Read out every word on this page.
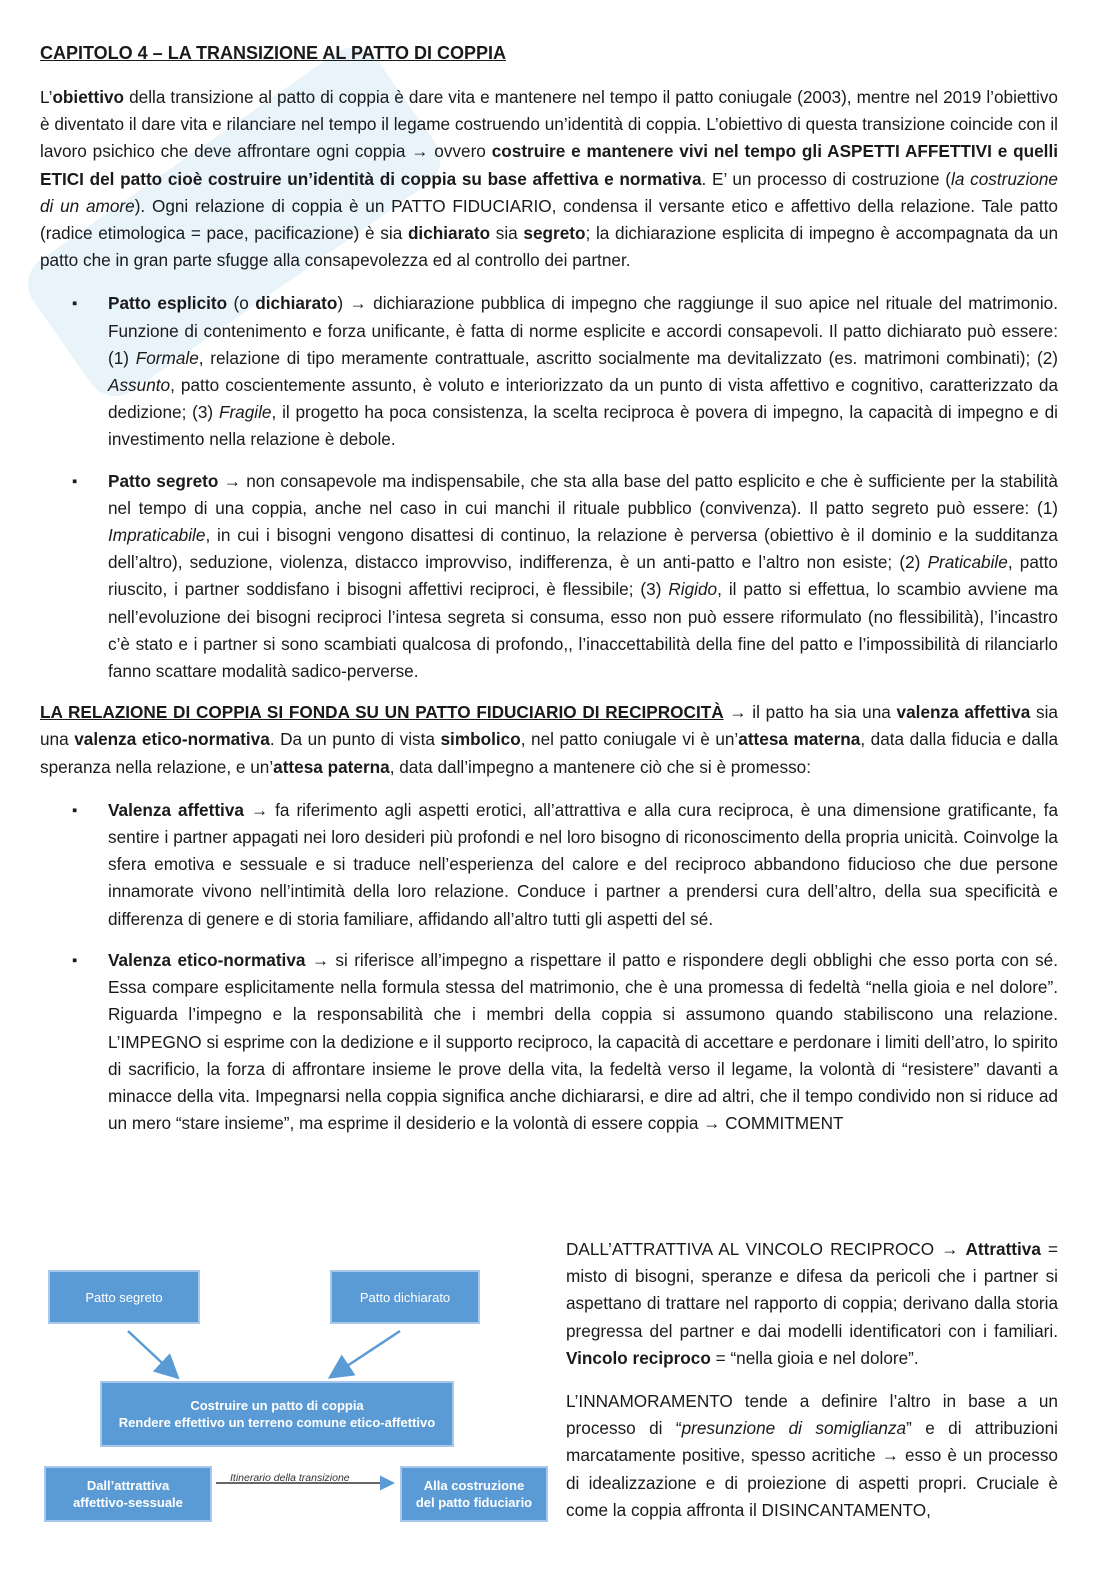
CAPITOLO 4 – LA TRANSIZIONE AL PATTO DI COPPIA

L’obiettivo della transizione al patto di coppia è dare vita e mantenere nel tempo il patto coniugale (2003), mentre nel 2019 l’obiettivo è diventato il dare vita e rilanciare nel tempo il legame costruendo un’identità di coppia. L’obiettivo di questa transizione coincide con il lavoro psichico che deve affrontare ogni coppia → ovvero costruire e mantenere vivi nel tempo gli ASPETTI AFFETTIVI e quelli ETICI del patto cioè costruire un’identità di coppia su base affettiva e normativa. E’ un processo di costruzione (la costruzione di un amore). Ogni relazione di coppia è un PATTO FIDUCIARIO, condensa il versante etico e affettivo della relazione. Tale patto (radice etimologica = pace, pacificazione) è sia dichiarato sia segreto; la dichiarazione esplicita di impegno è accompagnata da un patto che in gran parte sfugge alla consapevolezza ed al controllo dei partner.

▪ Patto esplicito (o dichiarato) → dichiarazione pubblica di impegno che raggiunge il suo apice nel rituale del matrimonio. Funzione di contenimento e forza unificante, è fatta di norme esplicite e accordi consapevoli. Il patto dichiarato può essere: (1) Formale, relazione di tipo meramente contrattuale, ascritto socialmente ma devitalizzato (es. matrimoni combinati); (2) Assunto, patto coscientemente assunto, è voluto e interiorizzato da un punto di vista affettivo e cognitivo, caratterizzato da dedizione; (3) Fragile, il progetto ha poca consistenza, la scelta reciproca è povera di impegno, la capacità di impegno e di investimento nella relazione è debole.
▪ Patto segreto → non consapevole ma indispensabile, che sta alla base del patto esplicito e che è sufficiente per la stabilità nel tempo di una coppia, anche nel caso in cui manchi il rituale pubblico (convivenza). Il patto segreto può essere: (1) Impraticabile, in cui i bisogni vengono disattesi di continuo, la relazione è perversa (obiettivo è il dominio e la sudditanza dell’altro), seduzione, violenza, distacco improvviso, indifferenza, è un anti-patto e l’altro non esiste; (2) Praticabile, patto riuscito, i partner soddisfano i bisogni affettivi reciproci, è flessibile; (3) Rigido, il patto si effettua, lo scambio avviene ma nell’evoluzione dei bisogni reciproci l’intesa segreta si consuma, esso non può essere riformulato (no flessibilità), l’incastro c’è stato e i partner si sono scambiati qualcosa di profondo,, l’inaccettabilità della fine del patto e l’impossibilità di rilanciarlo fanno scattare modalità sadico-perverse.

LA RELAZIONE DI COPPIA SI FONDA SU UN PATTO FIDUCIARIO DI RECIPROCITÀ → il patto ha sia una valenza affettiva sia una valenza etico-normativa. Da un punto di vista simbolico, nel patto coniugale vi è un’attesa materna, data dalla fiducia e dalla speranza nella relazione, e un’attesa paterna, data dall’impegno a mantenere ciò che si è promesso:

▪ Valenza affettiva → fa riferimento agli aspetti erotici, all’attrattiva e alla cura reciproca, è una dimensione gratificante, fa sentire i partner appagati nei loro desideri più profondi e nel loro bisogno di riconoscimento della propria unicità. Coinvolge la sfera emotiva e sessuale e si traduce nell’esperienza del calore e del reciproco abbandono fiducioso che due persone innamorate vivono nell’intimità della loro relazione. Conduce i partner a prendersi cura dell’altro, della sua specificità e differenza di genere e di storia familiare, affidando all’altro tutti gli aspetti del sé.
▪ Valenza etico-normativa → si riferisce all’impegno a rispettare il patto e rispondere degli obblighi che esso porta con sé. Essa compare esplicitamente nella formula stessa del matrimonio, che è una promessa di fedeltà “nella gioia e nel dolore”. Riguarda l’impegno e la responsabilità che i membri della coppia si assumono quando stabiliscono una relazione. L’IMPEGNO si esprime con la dedizione e il supporto reciproco, la capacità di accettare e perdonare i limiti dell’atro, lo spirito di sacrificio, la forza di affrontare insieme le prove della vita, la fedeltà verso il legame, la volontà di “resistere” davanti a minacce della vita. Impegnarsi nella coppia significa anche dichiararsi, e dire ad altri, che il tempo condivido non si riduce ad un mero “stare insieme”, ma esprime il desiderio e la volontà di essere coppia → COMMITMENT
Patto segreto	Patto dichiarato
Costruire un patto di coppia
Rendere effettivo un terreno comune etico-affettivo
Dall’attrattiva
affettivo-sessuale
Itinerario della transizione	Alla costruzione
del patto fiduciario

DALL’ATTRATTIVA AL VINCOLO RECIPROCO → Attrattiva = misto di bisogni, speranze e difesa da pericoli che i partner si aspettano di trattare nel rapporto di coppia; derivano dalla storia pregressa del partner e dai modelli identificatori con i familiari. Vincolo reciproco = “nella gioia e nel dolore”.

L’INNAMORAMENTO tende a definire l’altro in base a un processo di “presunzione di somiglianza” e di attribuzioni marcatamente positive, spesso acritiche → esso è un processo di idealizzazione e di proiezione di aspetti propri. Cruciale è come la coppia affronta il DISINCANTAMENTO,
